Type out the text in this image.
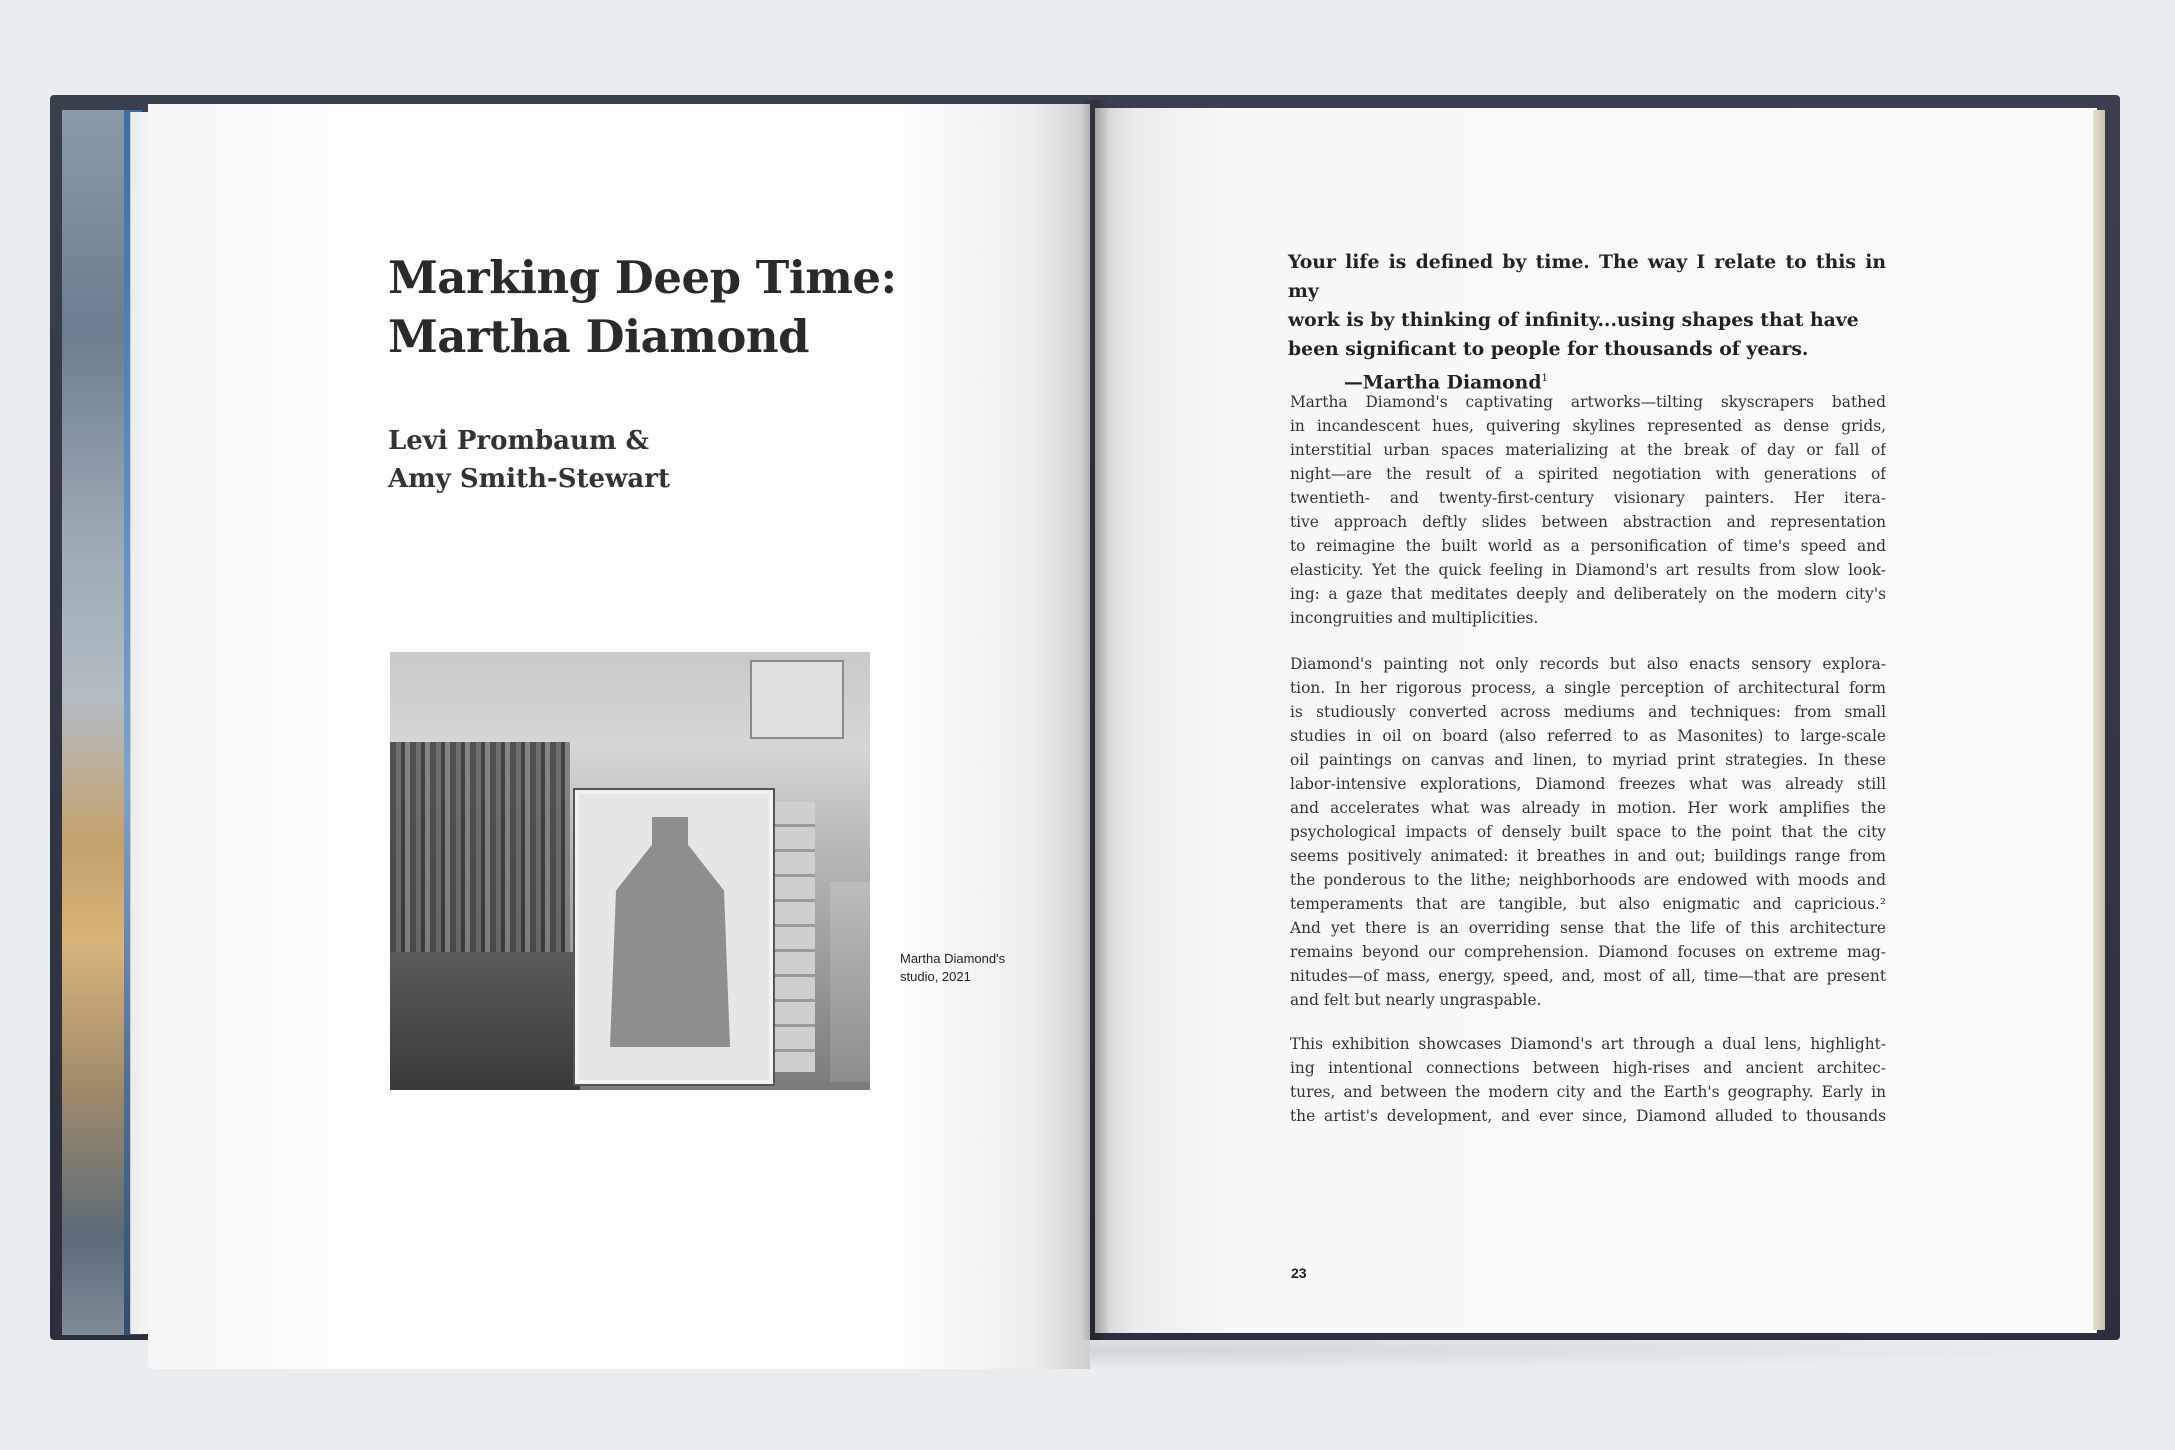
Marking Deep Time:
Martha Diamond
Levi Prombaum &
Amy Smith-Stewart
Martha Diamond's
studio, 2021
Your life is defined by time. The way I relate to this in my
work is by thinking of infinity...using shapes that have
been significant to people for thousands of years.
—Martha Diamond$^1$
Martha Diamond's captivating artworks—tilting skyscrapers bathed
in incandescent hues, quivering skylines represented as dense grids,
interstitial urban spaces materializing at the break of day or fall of
night—are the result of a spirited negotiation with generations of
twentieth- and twenty-first-century visionary painters. Her itera-
tive approach deftly slides between abstraction and representation
to reimagine the built world as a personification of time's speed and
elasticity. Yet the quick feeling in Diamond's art results from slow look-
ing: a gaze that meditates deeply and deliberately on the modern city's
incongruities and multiplicities.
Diamond's painting not only records but also enacts sensory explora-
tion. In her rigorous process, a single perception of architectural form
is studiously converted across mediums and techniques: from small
studies in oil on board (also referred to as Masonites) to large-scale
oil paintings on canvas and linen, to myriad print strategies. In these
labor-intensive explorations, Diamond freezes what was already still
and accelerates what was already in motion. Her work amplifies the
psychological impacts of densely built space to the point that the city
seems positively animated: it breathes in and out; buildings range from
the ponderous to the lithe; neighborhoods are endowed with moods and
temperaments that are tangible, but also enigmatic and capricious.²
And yet there is an overriding sense that the life of this architecture
remains beyond our comprehension. Diamond focuses on extreme mag-
nitudes—of mass, energy, speed, and, most of all, time—that are present
and felt but nearly ungraspable.
This exhibition showcases Diamond's art through a dual lens, highlight-
ing intentional connections between high-rises and ancient architec-
tures, and between the modern city and the Earth's geography. Early in
the artist's development, and ever since, Diamond alluded to thousands
23
